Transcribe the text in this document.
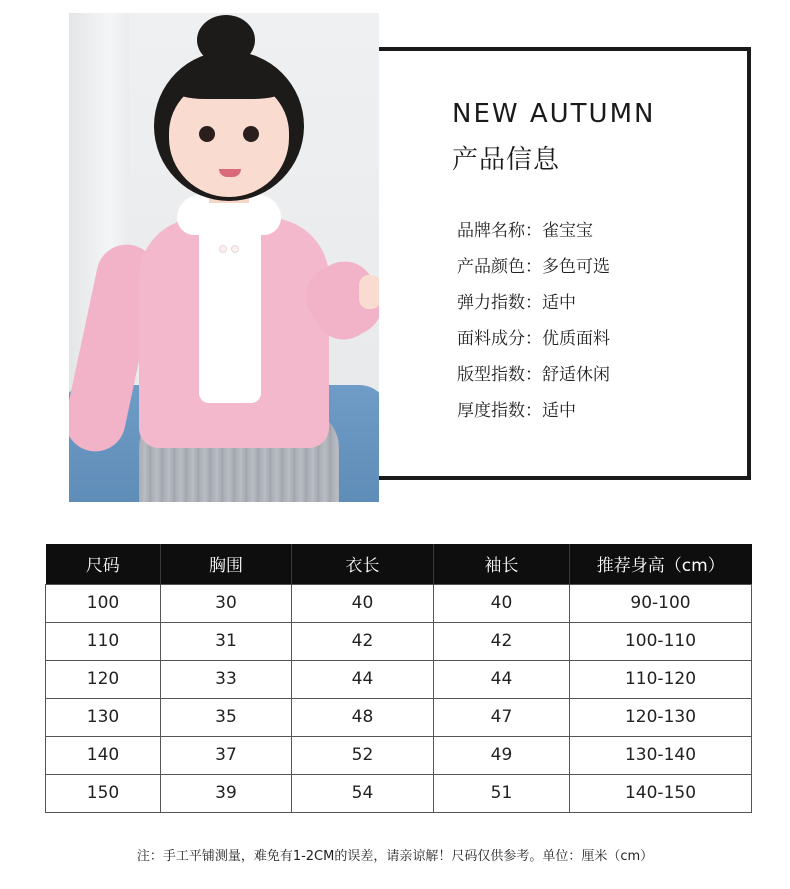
NEW AUTUMN
产品信息
品牌名称：雀宝宝
产品颜色：多色可选
弹力指数：适中
面料成分：优质面料
版型指数：舒适休闲
厚度指数：适中
尺码	胸围	衣长	袖长	推荐身高（cm）
100	30	40	40	90-100
110	31	42	42	100-110
120	33	44	44	110-120
130	35	48	47	120-130
140	37	52	49	130-140
150	39	54	51	140-150
注：手工平铺测量，难免有1-2CM的误差，请亲谅解！尺码仅供参考。单位：厘米（cm）
